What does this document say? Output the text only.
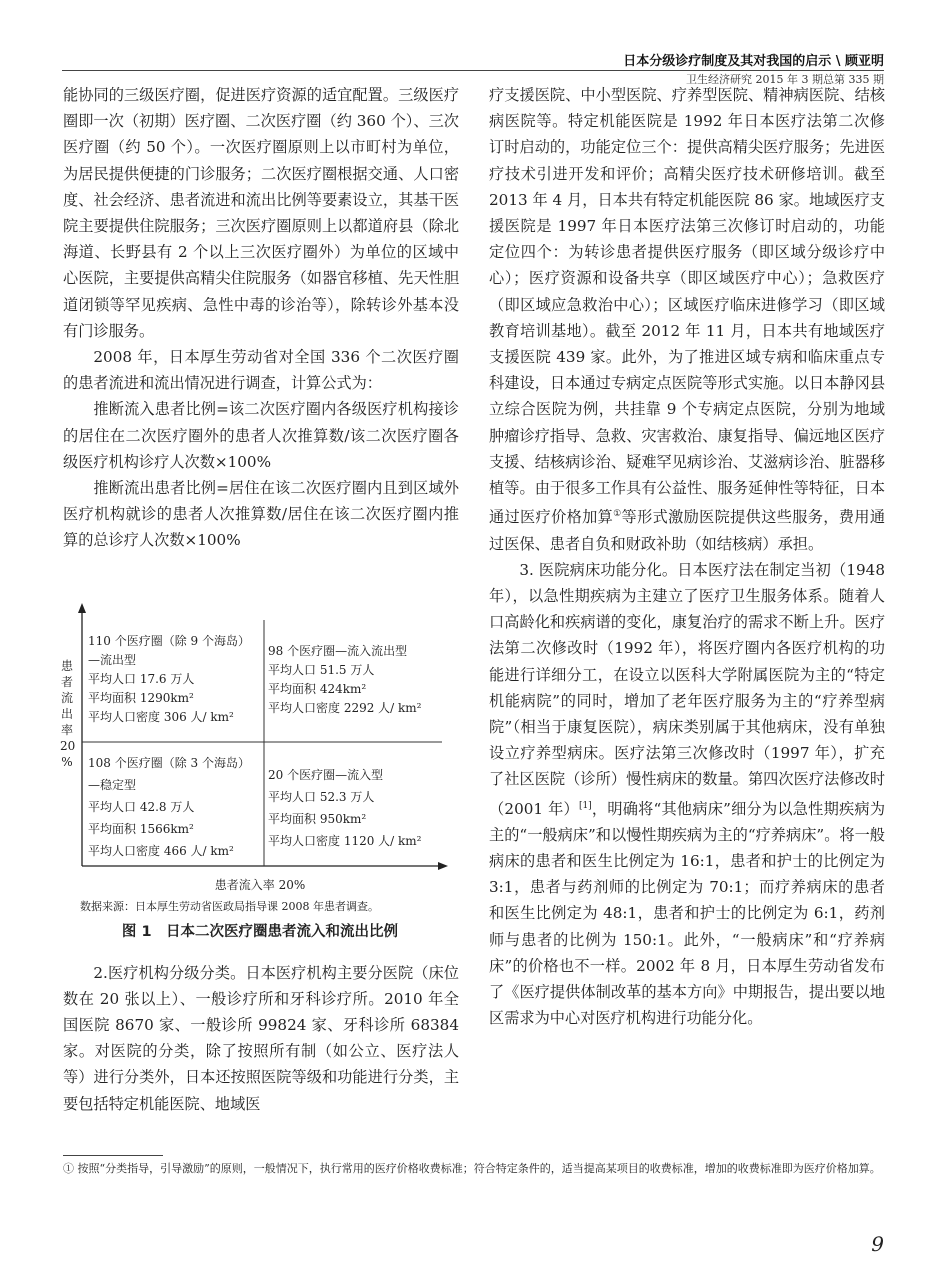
日本分级诊疗制度及其对我国的启示 \ 顾亚明
卫生经济研究 2015 年 3 期总第 335 期

能协同的三级医疗圈，促进医疗资源的适宜配置。三级医疗圈即一次（初期）医疗圈、二次医疗圈（约 360 个）、三次医疗圈（约 50 个）。一次医疗圈原则上以市町村为单位，为居民提供便捷的门诊服务；二次医疗圈根据交通、人口密度、社会经济、患者流进和流出比例等要素设立，其基干医院主要提供住院服务；三次医疗圈原则上以都道府县（除北海道、长野县有 2 个以上三次医疗圈外）为单位的区域中心医院，主要提供高精尖住院服务（如器官移植、先天性胆道闭锁等罕见疾病、急性中毒的诊治等），除转诊外基本没有门诊服务。

2008 年，日本厚生劳动省对全国 336 个二次医疗圈的患者流进和流出情况进行调查，计算公式为：

推断流入患者比例=该二次医疗圈内各级医疗机构接诊的居住在二次医疗圈外的患者人次推算数/该二次医疗圈各级医疗机构诊疗人次数×100%

推断流出患者比例=居住在该二次医疗圈内且到区域外医疗机构就诊的患者人次推算数/居住在该二次医疗圈内推算的总诊疗人次数×100%

2.医疗机构分级分类。日本医疗机构主要分医院（床位数在 20 张以上）、一般诊疗所和牙科诊疗所。2010 年全国医院 8670 家、一般诊所 99824 家、牙科诊所 68384 家。对医院的分类，除了按照所有制（如公立、医疗法人等）进行分类外，日本还按照医院等级和功能进行分类，主要包括特定机能医院、地域医

患
者
流
出
率
20
%
110 个医疗圈（除 9 个海岛）—流出型
平均人口 17.6 万人
平均面积 1290km²
平均人口密度 306 人/ km²
98 个医疗圈—流入流出型
平均人口 51.5 万人
平均面积 424km²
平均人口密度 2292 人/ km²
108 个医疗圈（除 3 个海岛）—稳定型
平均人口 42.8 万人
平均面积 1566km²
平均人口密度 466 人/ km²
20 个医疗圈—流入型
平均人口 52.3 万人
平均面积 950km²
平均人口密度 1120 人/ km²
患者流入率 20%
数据来源：日本厚生劳动省医政局指导课 2008 年患者调查。
图 1　日本二次医疗圈患者流入和流出比例

疗支援医院、中小型医院、疗养型医院、精神病医院、结核病医院等。特定机能医院是 1992 年日本医疗法第二次修订时启动的，功能定位三个：提供高精尖医疗服务；先进医疗技术引进开发和评价；高精尖医疗技术研修培训。截至 2013 年 4 月，日本共有特定机能医院 86 家。地域医疗支援医院是 1997 年日本医疗法第三次修订时启动的，功能定位四个：为转诊患者提供医疗服务（即区域分级诊疗中心）；医疗资源和设备共享（即区域医疗中心）；急救医疗（即区域应急救治中心）；区域医疗临床进修学习（即区域教育培训基地）。截至 2012 年 11 月，日本共有地域医疗支援医院 439 家。此外，为了推进区域专病和临床重点专科建设，日本通过专病定点医院等形式实施。以日本静冈县立综合医院为例，共挂靠 9 个专病定点医院，分别为地域肿瘤诊疗指导、急救、灾害救治、康复指导、偏远地区医疗支援、结核病诊治、疑难罕见病诊治、艾滋病诊治、脏器移植等。由于很多工作具有公益性、服务延伸性等特征，日本通过医疗价格加算①等形式激励医院提供这些服务，费用通过医保、患者自负和财政补助（如结核病）承担。

3. 医院病床功能分化。日本医疗法在制定当初（1948 年），以急性期疾病为主建立了医疗卫生服务体系。随着人口高龄化和疾病谱的变化，康复治疗的需求不断上升。医疗法第二次修改时（1992 年），将医疗圈内各医疗机构的功能进行详细分工，在设立以医科大学附属医院为主的“特定机能病院”的同时，增加了老年医疗服务为主的“疗养型病院”（相当于康复医院），病床类别属于其他病床，没有单独设立疗养型病床。医疗法第三次修改时（1997 年），扩充了社区医院（诊所）慢性病床的数量。第四次医疗法修改时（2001 年）[1]，明确将“其他病床”细分为以急性期疾病为主的“一般病床”和以慢性期疾病为主的“疗养病床”。将一般病床的患者和医生比例定为 16:1，患者和护士的比例定为 3:1，患者与药剂师的比例定为 70:1；而疗养病床的患者和医生比例定为 48:1，患者和护士的比例定为 6:1，药剂师与患者的比例为 150:1。此外，“一般病床”和“疗养病床”的价格也不一样。2002 年 8 月，日本厚生劳动省发布了《医疗提供体制改革的基本方向》中期报告，提出要以地区需求为中心对医疗机构进行功能分化。

① 按照“分类指导，引导激励”的原则，一般情况下，执行常用的医疗价格收费标准；符合特定条件的，适当提高某项目的收费标准，增加的收费标准即为医疗价格加算。
9
